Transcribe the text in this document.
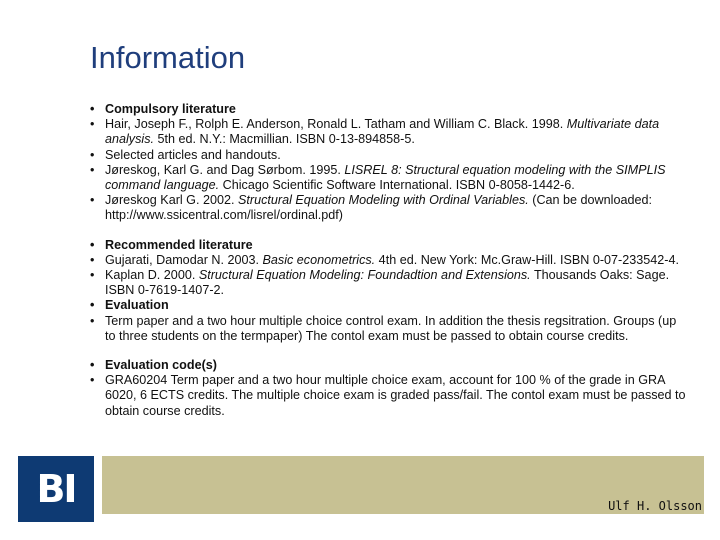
Information
• Compulsory literature
• Hair, Joseph F., Rolph E. Anderson, Ronald L. Tatham and William C. Black. 1998. Multivariate data analysis. 5th ed. N.Y.: Macmillian. ISBN 0-13-894858-5.
• Selected articles and handouts.
• Jøreskog, Karl G. and Dag Sørbom. 1995. LISREL 8: Structural equation modeling with the SIMPLIS command language. Chicago Scientific Software International. ISBN 0-8058-1442-6.
• Jøreskog Karl G. 2002. Structural Equation Modeling with Ordinal Variables. (Can be downloaded: http://www.ssicentral.com/lisrel/ordinal.pdf)
• Recommended literature
• Gujarati, Damodar N. 2003. Basic econometrics. 4th ed. New York: Mc.Graw-Hill. ISBN 0-07-233542-4.
• Kaplan D. 2000. Structural Equation Modeling: Foundadtion and Extensions. Thousands Oaks: Sage. ISBN 0-7619-1407-2.
• Evaluation
• Term paper and a two hour multiple choice control exam. In addition the thesis regsitration. Groups (up to three students on the termpaper) The contol exam must be passed to obtain course credits.
• Evaluation code(s)
• GRA60204 Term paper and a two hour multiple choice exam, account for 100 % of the grade in GRA 6020, 6 ECTS credits. The multiple choice exam is graded pass/fail. The contol exam must be passed to obtain course credits.
BI	Ulf H. Olsson
